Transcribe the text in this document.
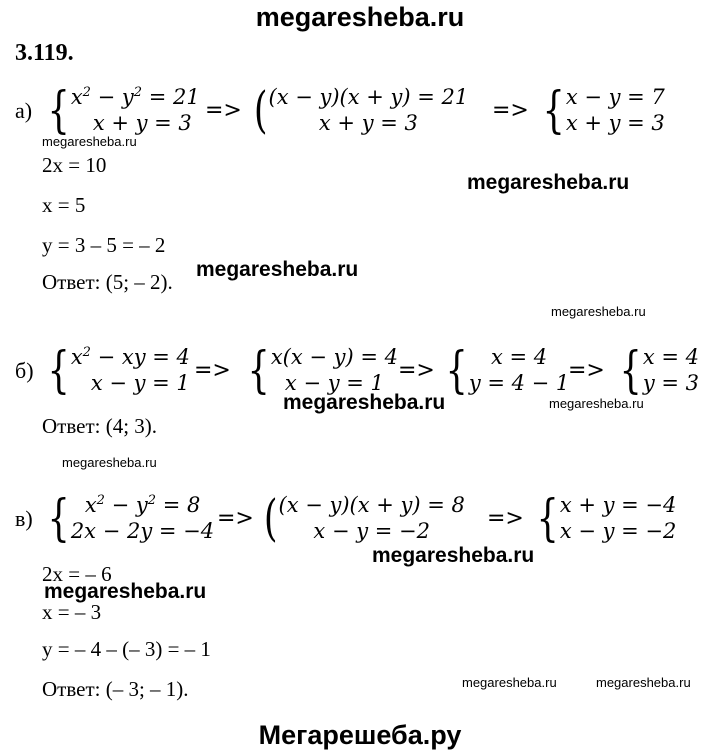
megaresheba.ru
3.119.
а) { $x^2 - y^2 = 21$
x + y = 3 => ( (x − y)(x + y) = 21
x + y = 3	=> { x − y = 7
x + y = 3
megaresheba.ru
2x = 10
x = 5
y = 3 – 5 = – 2
megaresheba.ru
Ответ: (5; – 2).
megaresheba.ru
megaresheba.ru
б) { $x^2$ − xy = 4
x − y = 1 => { x(x − y) = 4
x − y = 1 => {	x = 4
y = 4 − 1
=> { x = 4
y = 3
megaresheba.ru	megaresheba.ru
Ответ: (4; 3).
megaresheba.ru
в) { $x^2 - y^2 = 8$
2x − 2y = −4 => ( (x − y)(x + y) = 8
x − y = −2	=> { x + y = −4
x − y = −2
megaresheba.ru
2x = – 6
megaresheba.ru
x = – 3
y = – 4 – (– 3) = – 1
Ответ: (– 3; – 1).	megaresheba.ru	megaresheba.ru
Мегарешеба.ру
